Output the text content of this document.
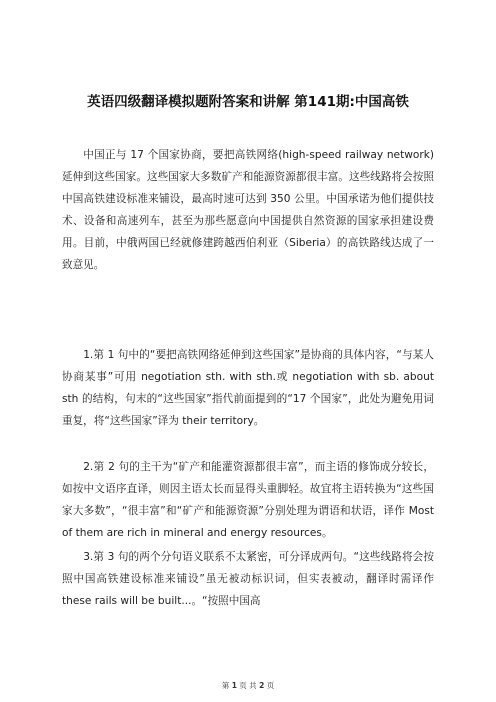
英语四级翻译模拟题附答案和讲解 第141期:中国高铁

中国正与 17 个国家协商，要把高铁网络(high-speed railway network)延伸到这些国家。这些国家大多数矿产和能源资源都很丰富。这些线路将会按照中国高铁建设标准来铺设，最高时速可达到 350 公里。中国承诺为他们提供技术、设备和高速列车，甚至为那些愿意向中国提供自然资源的国家承担建设费用。目前，中俄两国已经就修建跨越西伯利亚（Siberia）的高铁路线达成了一致意见。

1.第 1 句中的“要把高铁网络延伸到这些国家”是协商的具体内容，“与某人协商某事”可用 negotiation sth. with sth.或 negotiation with sb. about sth 的结构，句末的“这些国家”指代前面提到的“17 个国家”，此处为避免用词重复，将“这些国家”译为 their territory。

2.第 2 句的主干为“矿产和能灌资源都很丰富”，而主语的修饰成分较长，如按中文语序直译，则因主语太长而显得头重脚轻。故宜将主语转换为“这些国家大多数”，“很丰富”和“矿产和能源资源”分别处理为谓语和状语，译作 Most of them are rich in mineral and energy resources。

3.第 3 句的两个分句语义联系不太紧密，可分译成两句。“这些线路将会按照中国高铁建设标准来铺设”虽无被动标识词，但实表被动，翻译时需译作 these rails will be built...。“按照中国高

第 1 页 共 2 页
